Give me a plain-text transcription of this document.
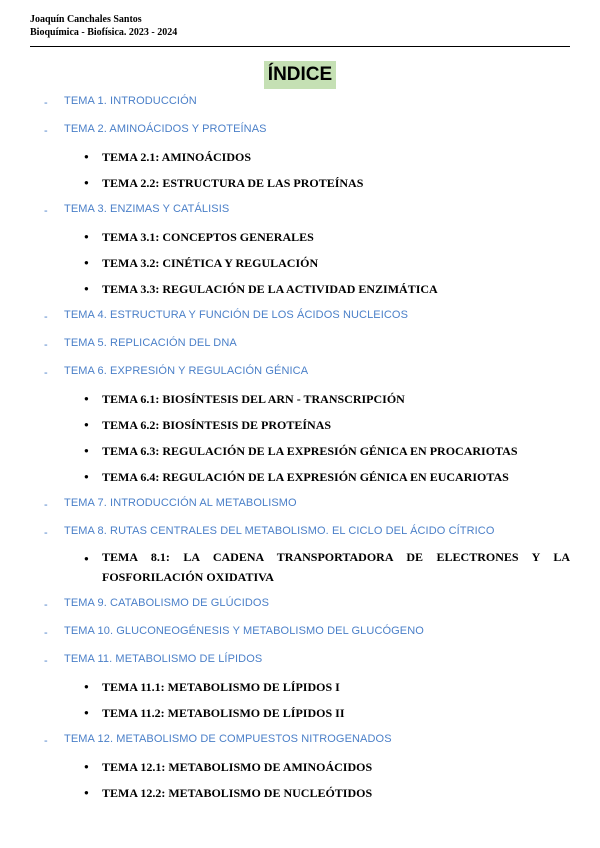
Joaquín Canchales Santos
Bioquímica - Biofísica. 2023 - 2024
ÍNDICE
- TEMA 1. INTRODUCCIÓN
- TEMA 2. AMINOÁCIDOS Y PROTEÍNAS
● TEMA 2.1: AMINOÁCIDOS
● TEMA 2.2: ESTRUCTURA DE LAS PROTEÍNAS
- TEMA 3. ENZIMAS Y CATÁLISIS
● TEMA 3.1: CONCEPTOS GENERALES
● TEMA 3.2: CINÉTICA Y REGULACIÓN
● TEMA 3.3: REGULACIÓN DE LA ACTIVIDAD ENZIMÁTICA
- TEMA 4. ESTRUCTURA Y FUNCIÓN DE LOS ÁCIDOS NUCLEICOS
- TEMA 5. REPLICACIÓN DEL DNA
- TEMA 6. EXPRESIÓN Y REGULACIÓN GÉNICA
● TEMA 6.1: BIOSÍNTESIS DEL ARN - TRANSCRIPCIÓN
● TEMA 6.2: BIOSÍNTESIS DE PROTEÍNAS
● TEMA 6.3: REGULACIÓN DE LA EXPRESIÓN GÉNICA EN PROCARIOTAS
● TEMA 6.4: REGULACIÓN DE LA EXPRESIÓN GÉNICA EN EUCARIOTAS
- TEMA 7. INTRODUCCIÓN AL METABOLISMO
- TEMA 8. RUTAS CENTRALES DEL METABOLISMO. EL CICLO DEL ÁCIDO CÍTRICO
● TEMA 8.1: LA CADENA TRANSPORTADORA DE ELECTRONES Y LA
FOSFORILACIÓN OXIDATIVA
- TEMA 9. CATABOLISMO DE GLÚCIDOS
- TEMA 10. GLUCONEOGÉNESIS Y METABOLISMO DEL GLUCÓGENO
- TEMA 11. METABOLISMO DE LÍPIDOS
● TEMA 11.1: METABOLISMO DE LÍPIDOS I
● TEMA 11.2: METABOLISMO DE LÍPIDOS II
- TEMA 12. METABOLISMO DE COMPUESTOS NITROGENADOS
● TEMA 12.1: METABOLISMO DE AMINOÁCIDOS
● TEMA 12.2: METABOLISMO DE NUCLEÓTIDOS
